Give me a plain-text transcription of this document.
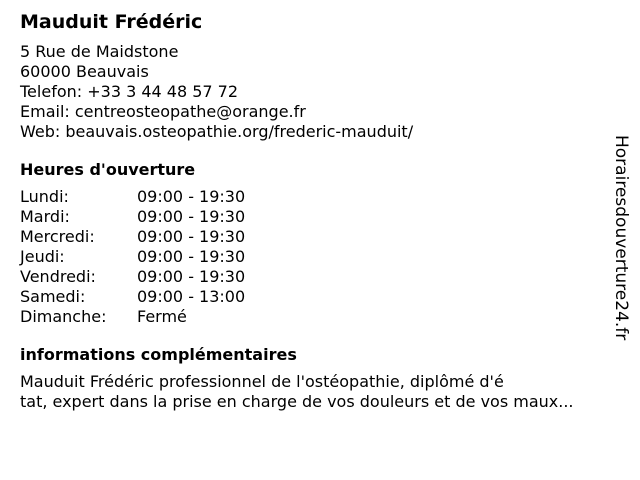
Mauduit Frédéric
5 Rue de Maidstone
60000 Beauvais
Telefon: +33 3 44 48 57 72
Email: centreosteopathe@orange.fr
Web: beauvais.osteopathie.org/frederic-mauduit/
Heures d'ouverture
Lundi:	09:00 - 19:30
Mardi:	09:00 - 19:30
Mercredi:	09:00 - 19:30
Jeudi:	09:00 - 19:30
Vendredi:	09:00 - 19:30
Samedi:	09:00 - 13:00
Dimanche:	Fermé
informations complémentaires
Mauduit Frédéric professionnel de l'ostéopathie, diplômé d'é
tat, expert dans la prise en charge de vos douleurs et de vos maux...
Horairesdouverture24.fr
